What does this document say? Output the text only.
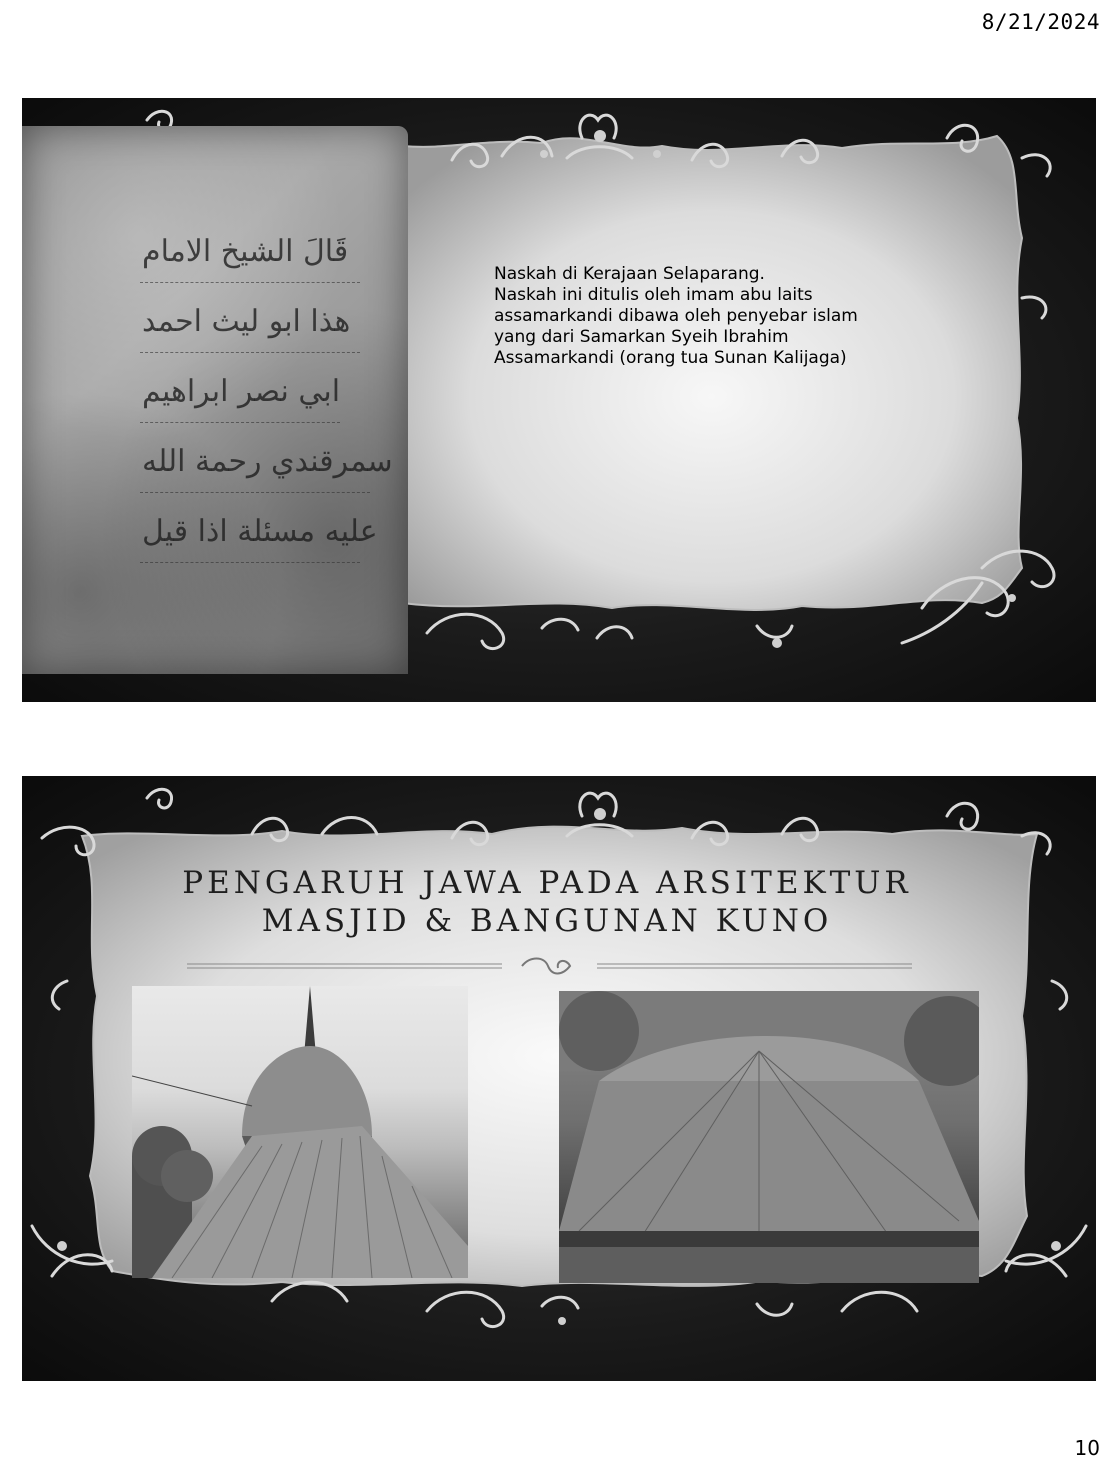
8/21/2024
قَالَ الشيخ الامام
هذا ابو ليث احمد
ابي نصر ابراهيم
سمرقندي رحمة الله
عليه مسئلة اذا قيل
Naskah di Kerajaan Selaparang.
Naskah ini ditulis oleh imam abu laits
assamarkandi dibawa oleh penyebar islam
yang dari Samarkan Syeih Ibrahim
Assamarkandi (orang tua Sunan Kalijaga)
PENGARUH JAWA PADA ARSITEKTUR
MASJID & BANGUNAN KUNO
10
